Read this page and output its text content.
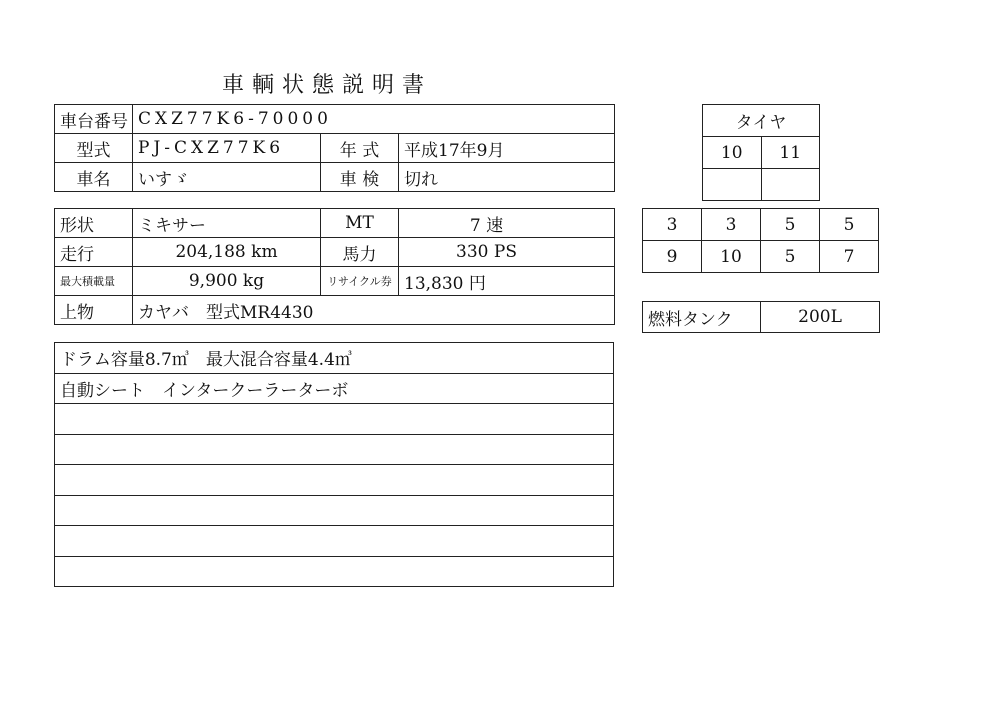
車輌状態説明書
車台番号	CXZ77K6-70000		
型式	PJ-CXZ77K6	年 式	平成17年9月
車名	いすゞ	車 検	切れ
形状	ミキサー	MT	7 速
走行	204,188 km	馬力	330 PS
最大積載量	9,900 kg	リサイクル券	13,830 円
上物	カヤバ　型式MR4430		
ドラム容量8.7㎥　最大混合容量4.4㎥
自動シート　インタークーラーターボ

タイヤ	
10	11

3	3	5	5
9	10	5	7
燃料タンク	200L
